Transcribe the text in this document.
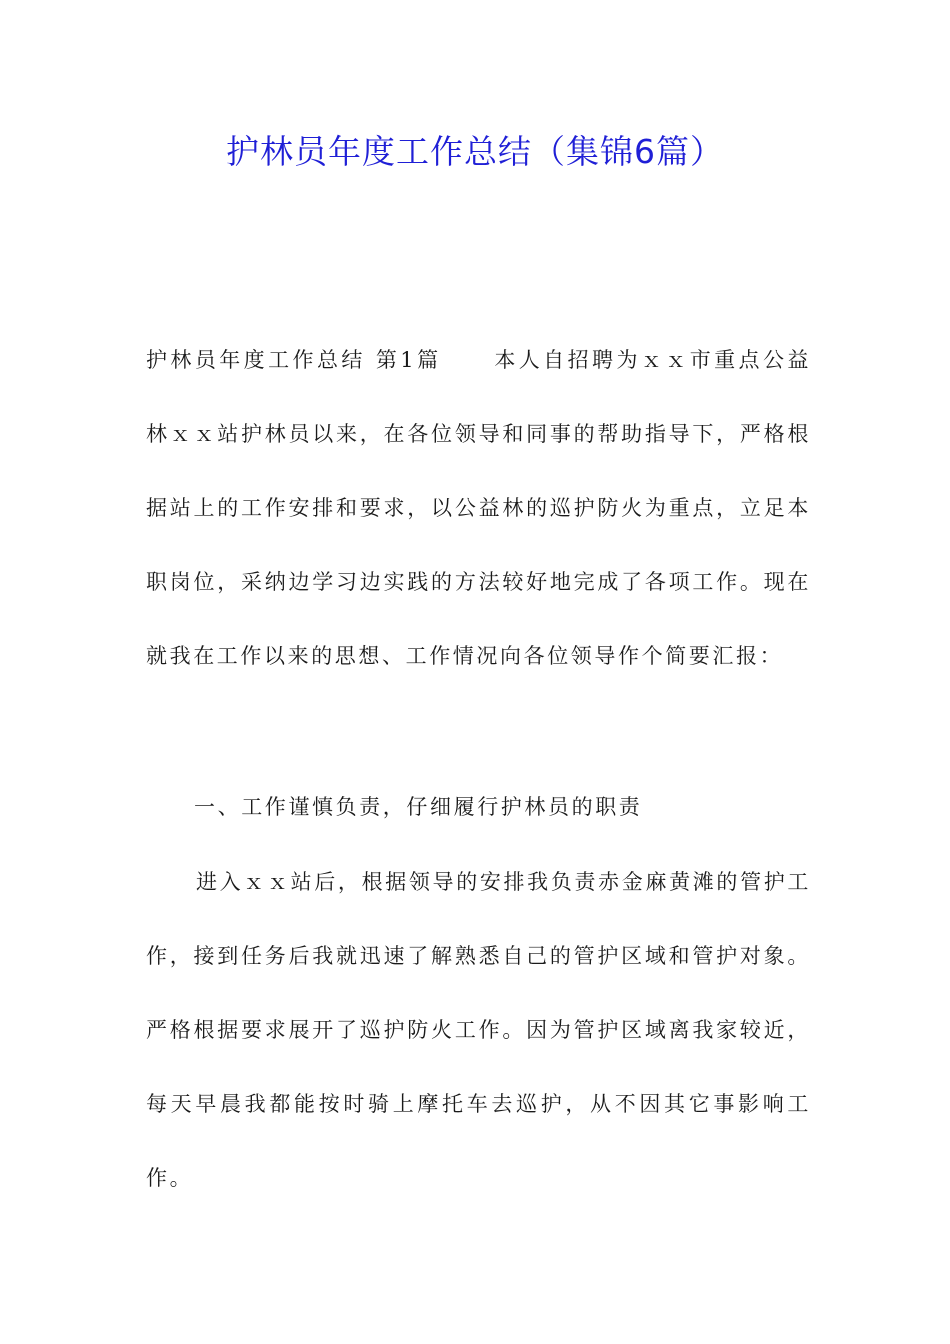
护林员年度工作总结（集锦6篇）
护林员年度工作总结 第1篇 本人自招聘为ｘｘ市重点公益林ｘｘ站护林员以来，在各位领导和同事的帮助指导下，严格根据站上的工作安排和要求，以公益林的巡护防火为重点，立足本职岗位，采纳边学习边实践的方法较好地完成了各项工作。现在就我在工作以来的思想、工作情况向各位领导作个简要汇报：
一、工作谨慎负责，仔细履行护林员的职责
进入ｘｘ站后，根据领导的安排我负责赤金麻黄滩的管护工作，接到任务后我就迅速了解熟悉自己的管护区域和管护对象。严格根据要求展开了巡护防火工作。因为管护区域离我家较近，每天早晨我都能按时骑上摩托车去巡护，从不因其它事影响工作。
